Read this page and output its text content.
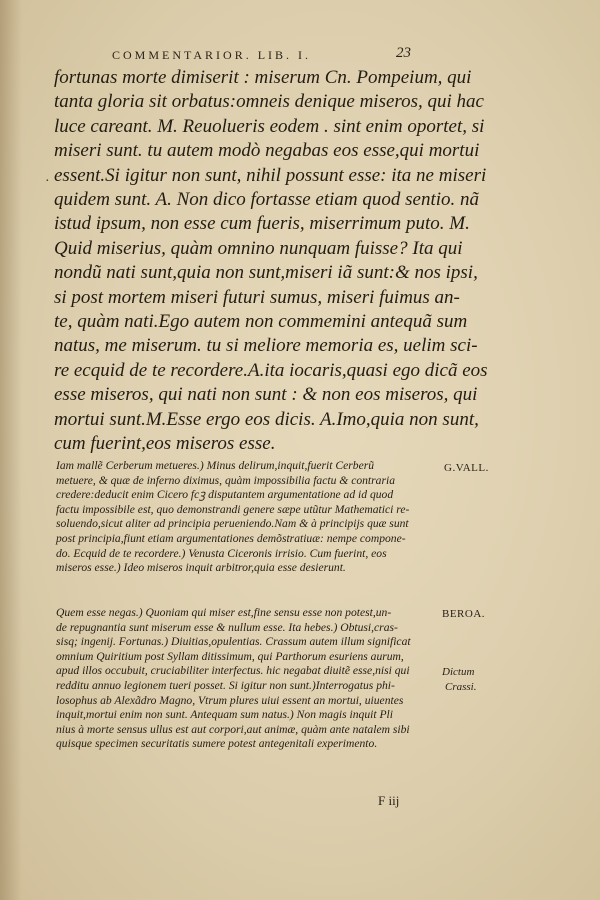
COMMENTARIOR. LIB. I.	23
·
fortunas morte dimiserit : miserum Cn. Pompeium, qui
tanta gloria sit orbatus:omneis denique miseros, qui hac
luce careant. M. Reuolueris eodem . sint enim oportet, si
miseri sunt. tu autem modò negabas eos esse,qui mortui
essent.Si igitur non sunt, nihil possunt esse: ita ne miseri
quidem sunt. A. Non dico fortasse etiam quod sentio. nã
istud ipsum, non esse cum fueris, miserrimum puto. M.
Quid miserius, quàm omnino nunquam fuisse? Ita qui
nondũ nati sunt,quia non sunt,miseri iã sunt:& nos ipsi,
si post mortem miseri futuri sumus, miseri fuimus an-
te, quàm nati.Ego autem non commemini antequã sum
natus, me miserum. tu si meliore memoria es, uelim sci-
re ecquid de te recordere.A.ita iocaris,quasi ego dicã eos
esse miseros, qui nati non sunt : & non eos miseros, qui
mortui sunt.M.Esse ergo eos dicis. A.Imo,quia non sunt,
cum fuerint,eos miseros esse.
Iam mallẽ Cerberum metueres.) Minus delirum,inquit,fuerit Cerberũ
metuere, & quæ de inferno diximus, quàm impossibilia factu & contraria
credere:deducit enim Cicero fcꝫ disputantem argumentatione ad id quod
factu impossibile est, quo demonstrandi genere sæpe utũtur Mathematici re-
soluendo,sicut aliter ad principia perueniendo.Nam & à principijs quæ sunt
post principia,fiunt etiam argumentationes demõstratiuæ: nempe compone-
do. Ecquid de te recordere.) Venusta Ciceronis irrisio. Cum fuerint, eos
miseros esse.) Ideo miseros inquit arbitror,quia esse desierunt.
G.VALL.
Quem esse negas.) Quoniam qui miser est,fine sensu esse non potest,un-
de repugnantia sunt miserum esse & nullum esse. Ita hebes.) Obtusi,cras-
sisq; ingenij. Fortunas.) Diuitias,opulentias. Crassum autem illum significat
omnium Quiritium post Syllam ditissimum, qui Parthorum esuriens aurum,
apud illos occubuit, cruciabiliter interfectus. hic negabat diuitẽ esse,nisi qui
redditu annuo legionem tueri posset. Si igitur non sunt.)Interrogatus phi-
losophus ab Alexãdro Magno, Vtrum plures uiui essent an mortui, uiuentes
inquit,mortui enim non sunt. Antequam sum natus.) Non magis inquit Pli
nius à morte sensus ullus est aut corpori,aut animæ, quàm ante natalem sibi
quisque specimen securitatis sumere potest antegenitali experimento.
BEROA.
Dictum
Crassi.
F iij
